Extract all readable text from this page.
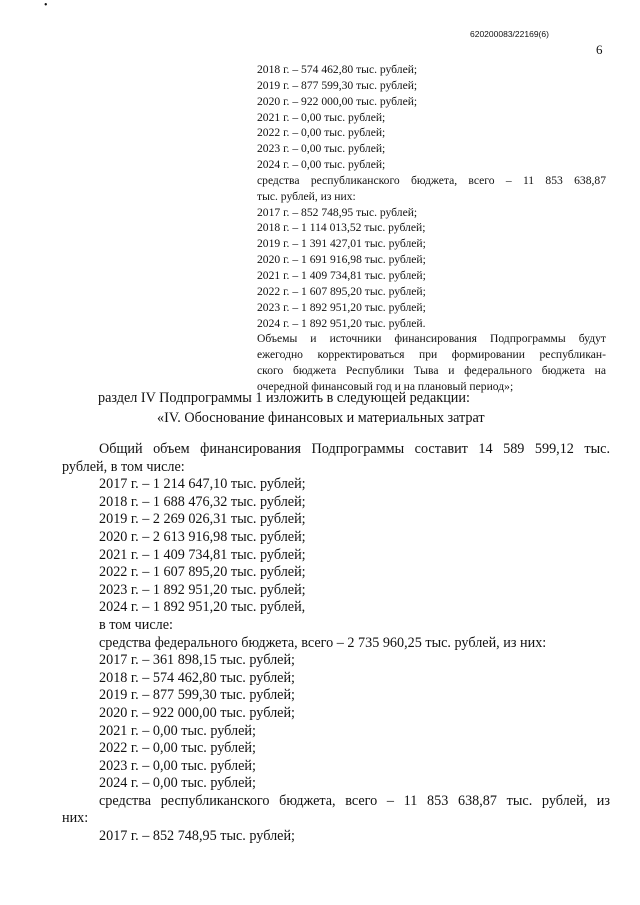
•
620200083/22169(6)
6
2018 г. – 574 462,80 тыс. рублей;
2019 г. – 877 599,30 тыс. рублей;
2020 г. – 922 000,00 тыс. рублей;
2021 г. – 0,00 тыс. рублей;
2022 г. – 0,00 тыс. рублей;
2023 г. – 0,00 тыс. рублей;
2024 г. – 0,00 тыс. рублей;
средства республиканского бюджета, всего – 11 853 638,87
тыс. рублей, из них:
2017 г. – 852 748,95 тыс. рублей;
2018 г. – 1 114 013,52 тыс. рублей;
2019 г. – 1 391 427,01 тыс. рублей;
2020 г. – 1 691 916,98 тыс. рублей;
2021 г. – 1 409 734,81 тыс. рублей;
2022 г. – 1 607 895,20 тыс. рублей;
2023 г. – 1 892 951,20 тыс. рублей;
2024 г. – 1 892 951,20 тыс. рублей.
Объемы и источники финансирования Подпрограммы будут
ежегодно корректироваться при формировании республикан-
ского бюджета Республики Тыва и федерального бюджета на
очередной финансовый год и на плановый период»;
раздел IV Подпрограммы 1 изложить в следующей редакции:
«IV. Обоснование финансовых и материальных затрат
Общий объем финансирования Подпрограммы составит 14 589 599,12 тыс.
рублей, в том числе:
2017 г. – 1 214 647,10 тыс. рублей;
2018 г. – 1 688 476,32 тыс. рублей;
2019 г. – 2 269 026,31 тыс. рублей;
2020 г. – 2 613 916,98 тыс. рублей;
2021 г. – 1 409 734,81 тыс. рублей;
2022 г. – 1 607 895,20 тыс. рублей;
2023 г. – 1 892 951,20 тыс. рублей;
2024 г. – 1 892 951,20 тыс. рублей,
в том числе:
средства федерального бюджета, всего – 2 735 960,25 тыс. рублей, из них:
2017 г. – 361 898,15 тыс. рублей;
2018 г. – 574 462,80 тыс. рублей;
2019 г. – 877 599,30 тыс. рублей;
2020 г. – 922 000,00 тыс. рублей;
2021 г. – 0,00 тыс. рублей;
2022 г. – 0,00 тыс. рублей;
2023 г. – 0,00 тыс. рублей;
2024 г. – 0,00 тыс. рублей;
средства республиканского бюджета, всего – 11 853 638,87 тыс. рублей, из
них:
2017 г. – 852 748,95 тыс. рублей;
